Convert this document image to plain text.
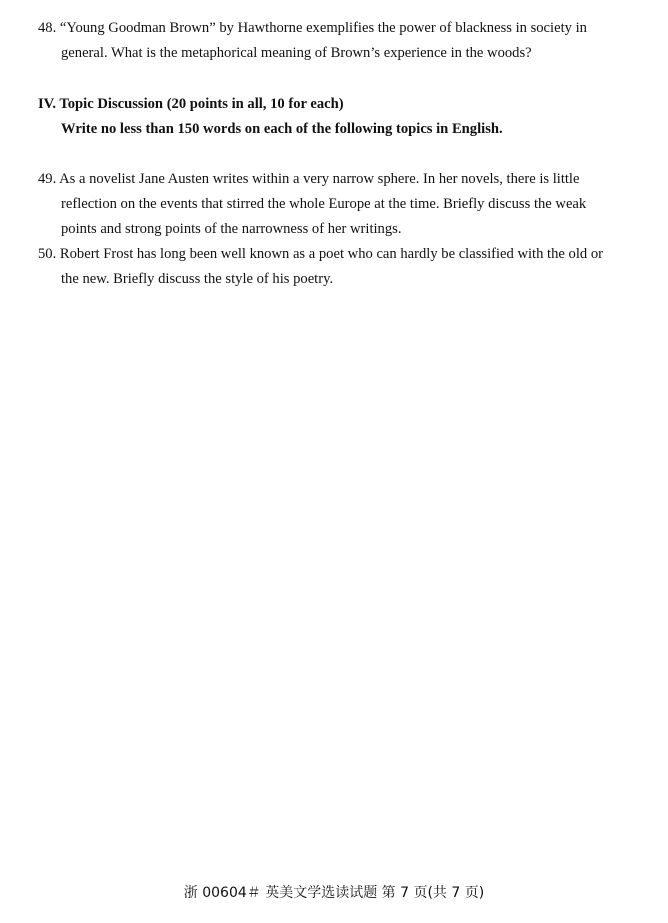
48. “Young Goodman Brown” by Hawthorne exemplifies the power of blackness in society in
general. What is the metaphorical meaning of Brown’s experience in the woods?
IV. Topic Discussion (20 points in all, 10 for each)
Write no less than 150 words on each of the following topics in English.
49. As a novelist Jane Austen writes within a very narrow sphere. In her novels, there is little
reflection on the events that stirred the whole Europe at the time. Briefly discuss the weak
points and strong points of the narrowness of her writings.
50. Robert Frost has long been well known as a poet who can hardly be classified with the old or
the new. Briefly discuss the style of his poetry.
浙 00604＃ 英美文学选读试题 第 7 页(共 7 页)
